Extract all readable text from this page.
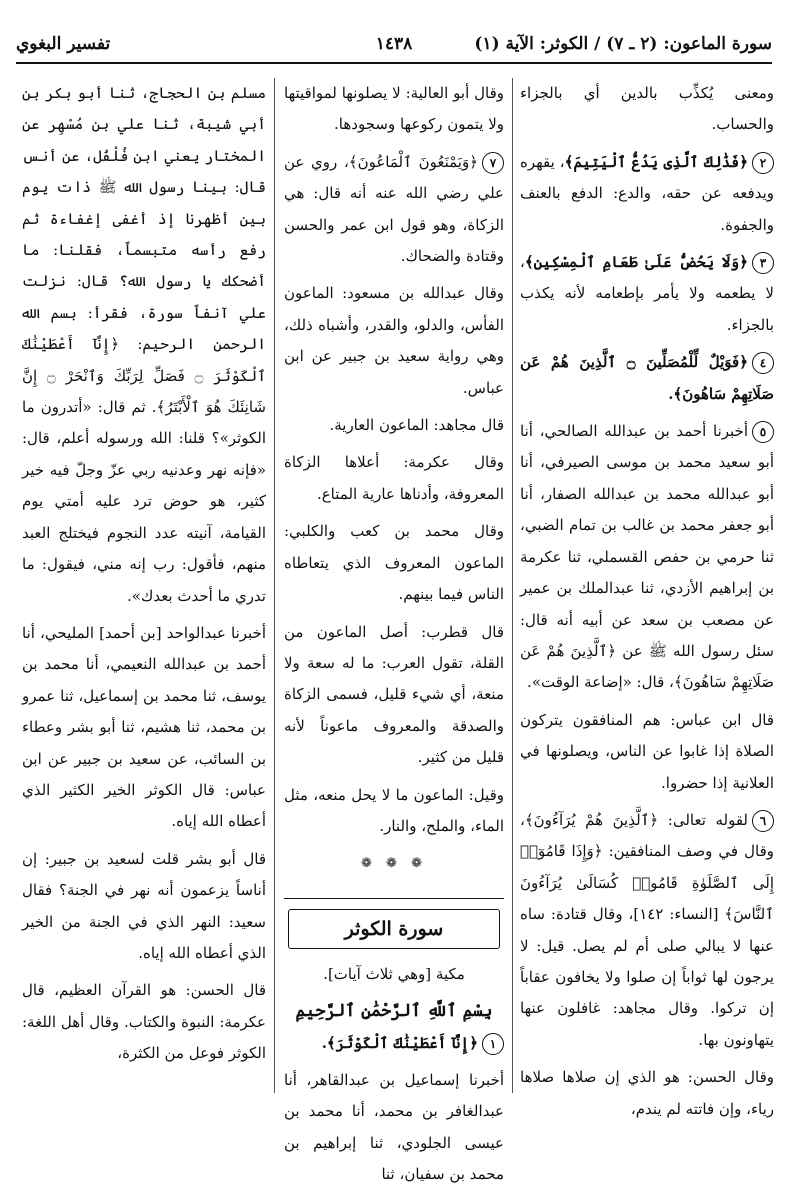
سورة الماعون: (٢ ـ ٧) / الكوثر: الآية (١)
١٤٣٨
تفسير البغوي

ومعنى يُكذِّب بالدين أي بالجزاء والحساب.

٢﴿فَذَٰلِكَ ٱلَّذِى يَدُعُّ ٱلْيَتِيمَ﴾، يقهره ويدفعه عن حقه، والدع: الدفع بالعنف والجفوة.

٣﴿وَلَا يَحُضُّ عَلَىٰ طَعَامِ ٱلْمِسْكِينِ﴾، لا يطعمه ولا يأمر بإطعامه لأنه يكذب بالجزاء.

٤﴿فَوَيْلٌ لِّلْمُصَلِّينَ ۝ ٱلَّذِينَ هُمْ عَن صَلَاتِهِمْ سَاهُونَ﴾.

٥أخبرنا أحمد بن عبدالله الصالحي، أنا أبو سعيد محمد بن موسى الصيرفي، أنا أبو عبدالله محمد بن عبدالله الصفار، أنا أبو جعفر محمد بن غالب بن تمام الضبي، ثنا حرمي بن حفص القسملي، ثنا عكرمة بن إبراهيم الأزدي، ثنا عبدالملك بن عمير عن مصعب بن سعد عن أبيه أنه قال: سئل رسول الله ﷺ عن ﴿ٱلَّذِينَ هُمْ عَن صَلَاتِهِمْ سَاهُونَ﴾، قال: «إضاعة الوقت».

قال ابن عباس: هم المنافقون يتركون الصلاة إذا غابوا عن الناس، ويصلونها في العلانية إذا حضروا.

٦لقوله تعالى: ﴿ٱلَّذِينَ هُمْ يُرَآءُونَ﴾، وقال في وصف المنافقين: ﴿وَإِذَا قَامُوٓا۟ إِلَى ٱلصَّلَوٰةِ قَامُوا۟ كُسَالَىٰ يُرَآءُونَ ٱلنَّاسَ﴾ [النساء: ١٤٢]، وقال قتادة: ساه عنها لا يبالي صلى أم لم يصل. قيل: لا يرجون لها ثواباً إن صلوا ولا يخافون عقاباً إن تركوا. وقال مجاهد: غافلون عنها يتهاونون بها.

وقال الحسن: هو الذي إن صلاها صلاها رياء، وإن فاتته لم يندم،

وقال أبو العالية: لا يصلونها لمواقيتها ولا يتمون ركوعها وسجودها.

٧﴿وَيَمْنَعُونَ ٱلْمَاعُونَ﴾، روي عن علي رضي الله عنه أنه قال: هي الزكاة، وهو قول ابن عمر والحسن وقتادة والضحاك.

وقال عبدالله بن مسعود: الماعون الفأس، والدلو، والقدر، وأشباه ذلك، وهي رواية سعيد بن جبير عن ابن عباس.

قال مجاهد: الماعون العارية.

وقال عكرمة: أعلاها الزكاة المعروفة، وأدناها عارية المتاع.

وقال محمد بن كعب والكلبي: الماعون المعروف الذي يتعاطاه الناس فيما بينهم.

قال قطرب: أصل الماعون من القلة، تقول العرب: ما له سعة ولا منعة، أي شيء قليل، فسمى الزكاة والصدقة والمعروف ماعوناً لأنه قليل من كثير.

وقيل: الماعون ما لا يحل منعه، مثل الماء، والملح، والنار.

❁ ❁ ❁
سورة الكوثر

مكية [وهي ثلاث آيات].

بِسْمِ ٱللَّهِ ٱلرَّحْمَٰنِ ٱلرَّحِيمِ

١﴿إِنَّآ أَعْطَيْنَٰكَ ٱلْكَوْثَرَ﴾.

أخبرنا إسماعيل بن عبدالقاهر، أنا عبدالغافر بن محمد، أنا محمد بن عيسى الجلودي، ثنا إبراهيم بن محمد بن سفيان، ثنا

مسلم بن الحجاج، ثنا أبو بكر بن أبي شيبة، ثنا علي بن مُسْهِر عن المختار يعني ابن فُلْفُل، عن أنس قال: بينا رسول الله ﷺ ذات يوم بين أظهرنا إذ أغفى إغفاءة ثم رفع رأسه متبسماً، فقلنا: ما أضحكك يا رسول الله؟ قال: نزلت علي آنفاً سورة، فقرأ: بسم الله الرحمن الرحيم: ﴿إِنَّآ أَعْطَيْنَٰكَ ٱلْكَوْثَرَ ۝ فَصَلِّ لِرَبِّكَ وَٱنْحَرْ ۝ إِنَّ شَانِئَكَ هُوَ ٱلْأَبْتَرُ﴾. ثم قال: «أتدرون ما الكوثر»؟ قلنا: الله ورسوله أعلم، قال: «فإنه نهر وعدنيه ربي عزّ وجلّ فيه خير كثير، هو حوض ترد عليه أمتي يوم القيامة، آنيته عدد النجوم فيختلج العبد منهم، فأقول: رب إنه مني، فيقول: ما تدري ما أحدث بعدك».

أخبرنا عبدالواحد [بن أحمد] المليحي، أنا أحمد بن عبدالله النعيمي، أنا محمد بن يوسف، ثنا محمد بن إسماعيل، ثنا عمرو بن محمد، ثنا هشيم، ثنا أبو بشر وعطاء بن السائب، عن سعيد بن جبير عن ابن عباس: قال الكوثر الخير الكثير الذي أعطاه الله إياه.

قال أبو بشر قلت لسعيد بن جبير: إن أناساً يزعمون أنه نهر في الجنة؟ فقال سعيد: النهر الذي في الجنة من الخير الذي أعطاه الله إياه.

قال الحسن: هو القرآن العظيم، قال عكرمة: النبوة والكتاب. وقال أهل اللغة: الكوثر فوعل من الكثرة،
